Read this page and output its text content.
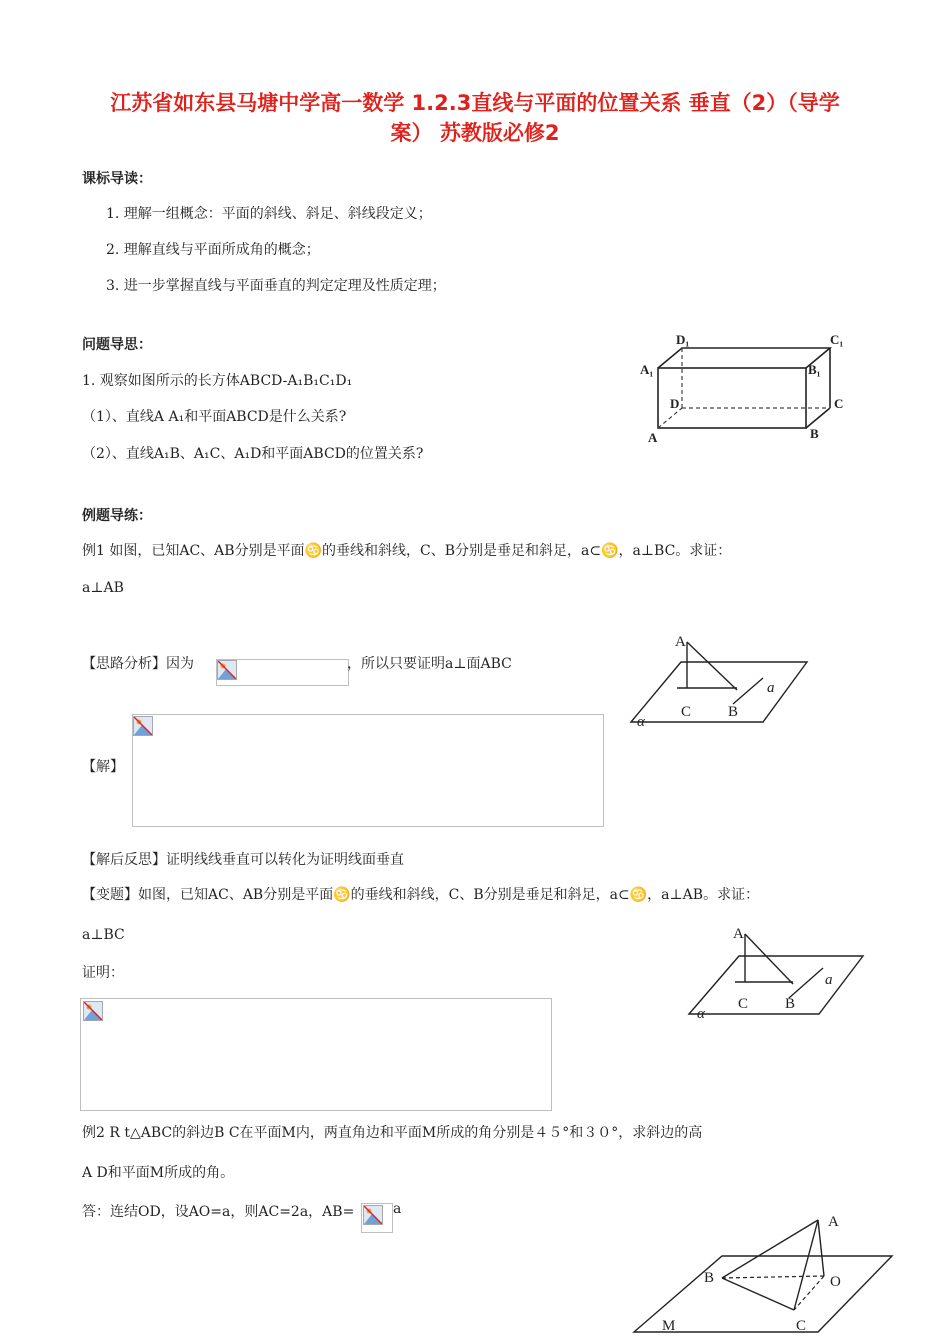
江苏省如东县马塘中学高一数学 1.2.3直线与平面的位置关系 垂直（2）（导学
案） 苏教版必修2
课标导读：
1. 理解一组概念：平面的斜线、斜足、斜线段定义；
2. 理解直线与平面所成角的概念；
3. 进一步掌握直线与平面垂直的判定定理及性质定理；
问题导思：
1. 观察如图所示的长方体ABCD-A₁B₁C₁D₁
（1）、直线A A₁和平面ABCD是什么关系?
（2）、直线A₁B、A₁C、A₁D和平面ABCD的位置关系?
D₁	C₁
A₁	B₁
D	C
A	B
例题导练：
例1 如图，已知AC、AB分别是平面♋的垂线和斜线，C、B分别是垂足和斜足，a⊂♋，a⊥BC。求证：
a⊥AB
【思路分析】因为	，所以只要证明a⊥面ABC
A
C B
a
α
【解】
【解后反思】证明线线垂直可以转化为证明线面垂直
【变题】如图，已知AC、AB分别是平面♋的垂线和斜线，C、B分别是垂足和斜足，a⊂♋，a⊥AB。求证：
a⊥BC
证明：
A
C B
a
α
例2 R t△ABC的斜边B C在平面M内，两直角边和平面M所成的角分别是４５°和３０°，求斜边的高
A D和平面M所成的角。
答：连结OD，设AO=a，则AC=2a，AB=	a
A
B	O
C
M
